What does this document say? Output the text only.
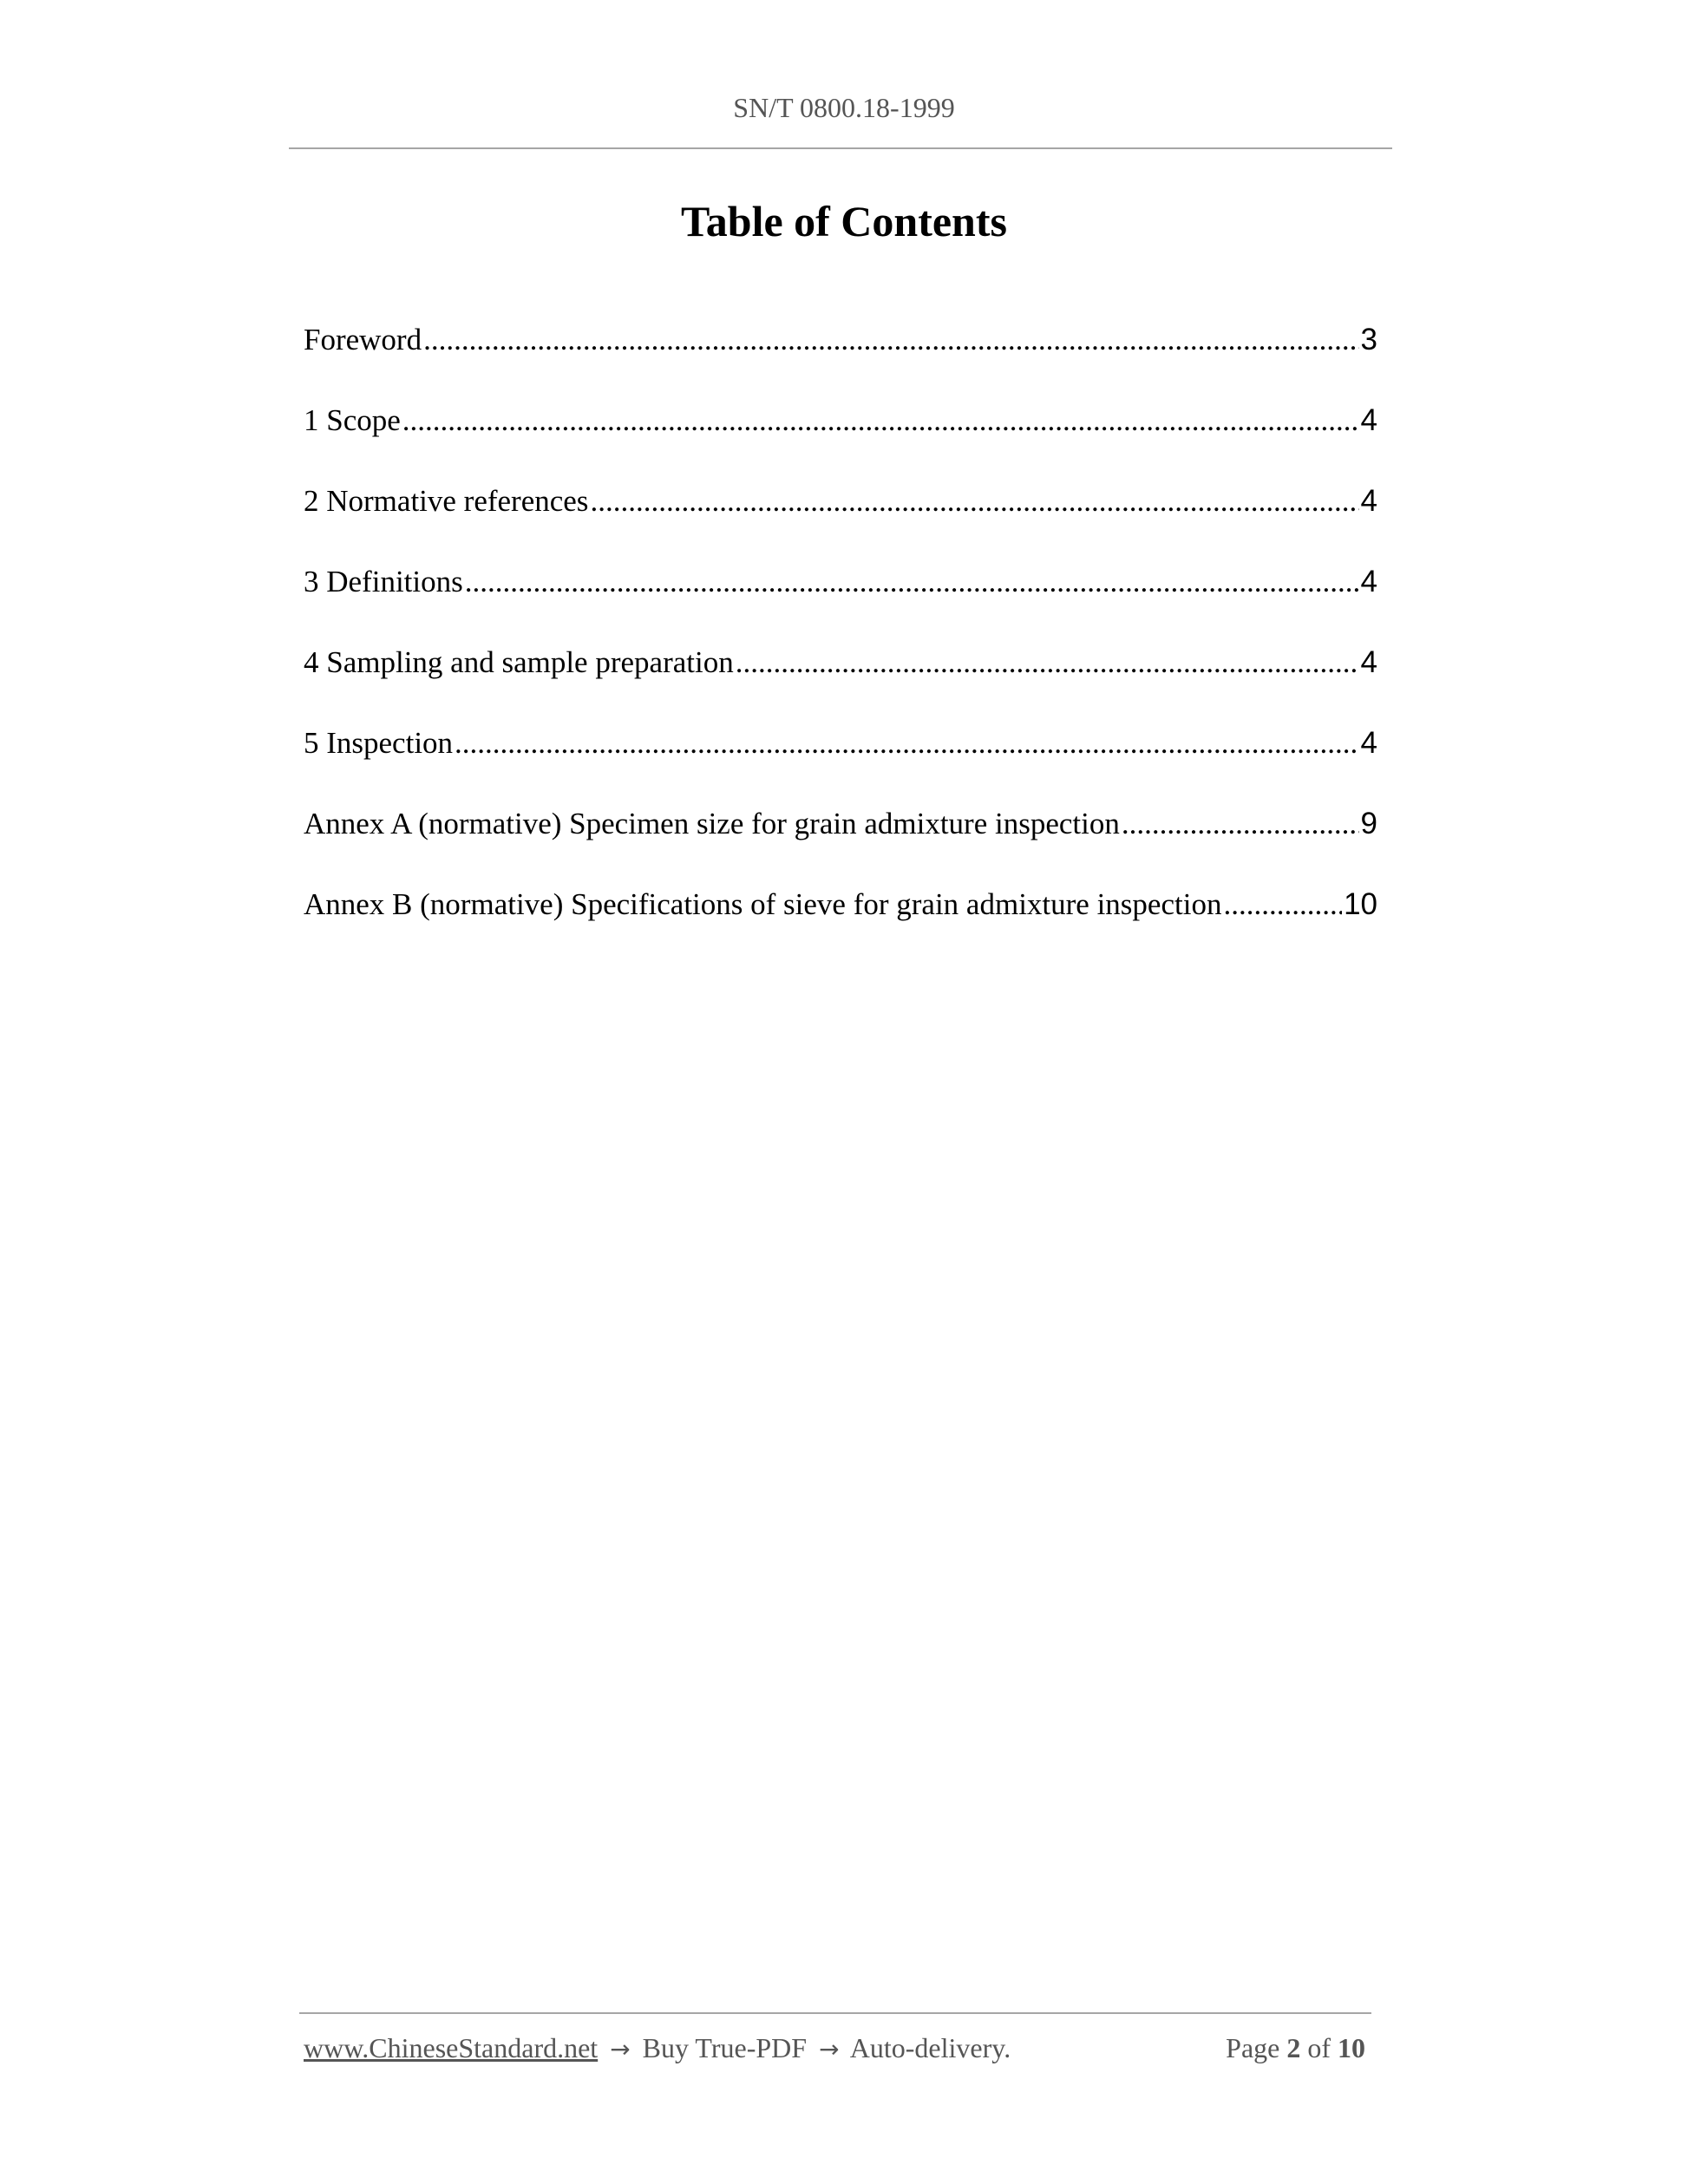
SN/T 0800.18-1999
Table of Contents
Foreword .....	3
1 Scope .....	4
2 Normative references .....	4
3 Definitions .....	4
4 Sampling and sample preparation .....	4
5 Inspection .....	4
Annex A (normative) Specimen size for grain admixture inspection .....	9
Annex B (normative) Specifications of sieve for grain admixture inspection .....	10
www.ChineseStandard.net → Buy True-PDF → Auto-delivery.	Page 2 of 10
